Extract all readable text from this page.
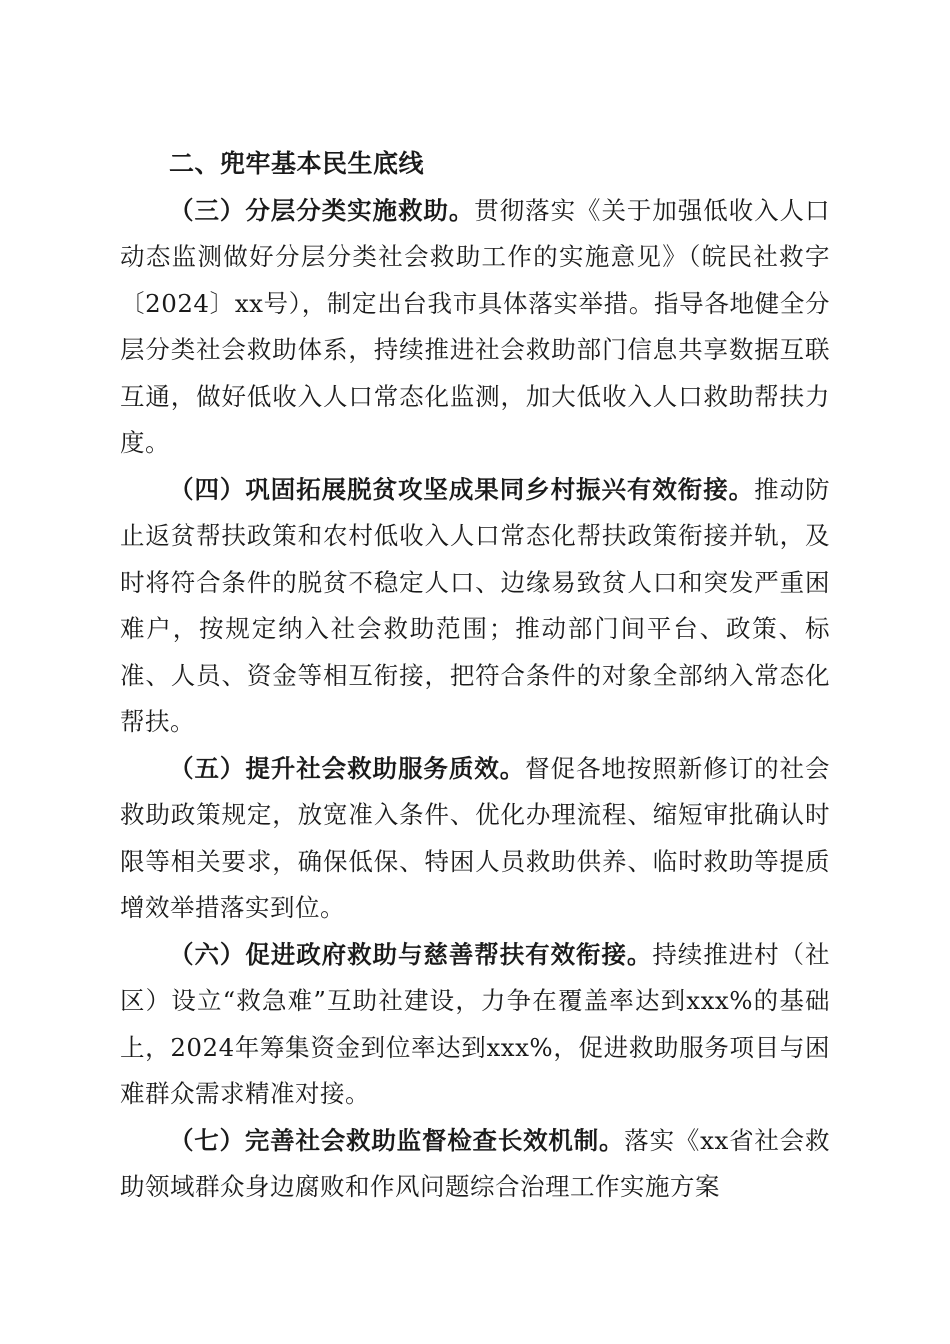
二、兜牢基本民生底线

（三）分层分类实施救助。贯彻落实《关于加强低收入人口动态监测做好分层分类社会救助工作的实施意见》（皖民社救字〔2024〕xx号），制定出台我市具体落实举措。指导各地健全分层分类社会救助体系，持续推进社会救助部门信息共享数据互联互通，做好低收入人口常态化监测，加大低收入人口救助帮扶力度。

（四）巩固拓展脱贫攻坚成果同乡村振兴有效衔接。推动防止返贫帮扶政策和农村低收入人口常态化帮扶政策衔接并轨，及时将符合条件的脱贫不稳定人口、边缘易致贫人口和突发严重困难户，按规定纳入社会救助范围；推动部门间平台、政策、标准、人员、资金等相互衔接，把符合条件的对象全部纳入常态化帮扶。

（五）提升社会救助服务质效。督促各地按照新修订的社会救助政策规定，放宽准入条件、优化办理流程、缩短审批确认时限等相关要求，确保低保、特困人员救助供养、临时救助等提质增效举措落实到位。

（六）促进政府救助与慈善帮扶有效衔接。持续推进村（社区）设立“救急难”互助社建设，力争在覆盖率达到xxx%的基础上，2024年筹集资金到位率达到xxx%，促进救助服务项目与困难群众需求精准对接。

（七）完善社会救助监督检查长效机制。落实《xx省社会救助领域群众身边腐败和作风问题综合治理工作实施方案
